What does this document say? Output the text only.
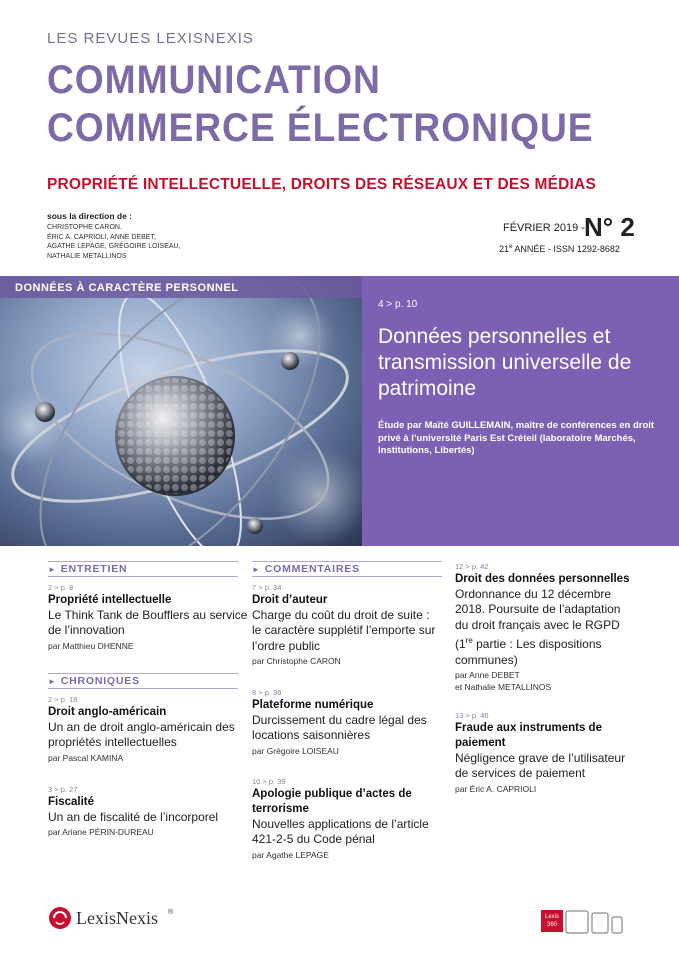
LES REVUES LEXISNEXIS
COMMUNICATION
COMMERCE ÉLECTRONIQUE
PROPRIÉTÉ INTELLECTUELLE, DROITS DES RÉSEAUX ET DES MÉDIAS
sous la direction de :
CHRISTOPHE CARON.
ÉRIC A. CAPRIOLI, ANNE DEBET,
AGATHE LEPAGE, GRÉGOIRE LOISEAU,
NATHALIE METALLINOS
FÉVRIER 2019 - N° 2
21e ANNÉE - ISSN 1292-8682
DONNÉES À CARACTÈRE PERSONNEL
4 > p. 10
Données personnelles et transmission universelle de patrimoine
Étude par Maïté GUILLEMAIN, maître de conférences en droit privé à l’université Paris Est Créteil (laboratoire Marchés, Institutions, Libertés)
► ENTRETIEN
2 > p. 8
Propriété intellectuelle
Le Think Tank de Boufflers au service de l’innovation
par Matthieu DHENNE
► CHRONIQUES
2 > p. 18
Droit anglo-américain
Un an de droit anglo-américain des propriétés intellectuelles
par Pascal KAMINA
3 > p. 27
Fiscalité
Un an de fiscalité de l’incorporel
par Ariane PÉRIN-DUREAU
► COMMENTAIRES
7 > p. 34
Droit d’auteur
Charge du coût du droit de suite : le caractère supplétif l’emporte sur l’ordre public
par Christophe CARON
8 > p. 36
Plateforme numérique
Durcissement du cadre légal des locations saisonnières
par Grégoire LOISEAU
10 > p. 39
Apologie publique d’actes de terrorisme
Nouvelles applications de l’article 421-2-5 du Code pénal
par Agathe LEPAGE
12 > p. 42
Droit des données personnelles
Ordonnance du 12 décembre 2018. Poursuite de l’adaptation du droit français avec le RGPD (1re partie : Les dispositions communes)
par Anne DEBET
et Nathalie METALLINOS
13 > p. 46
Fraude aux instruments de paiement
Négligence grave de l’utilisateur de services de paiement
par Éric A. CAPRIOLI
LexisNexis ®
Lexis
360
